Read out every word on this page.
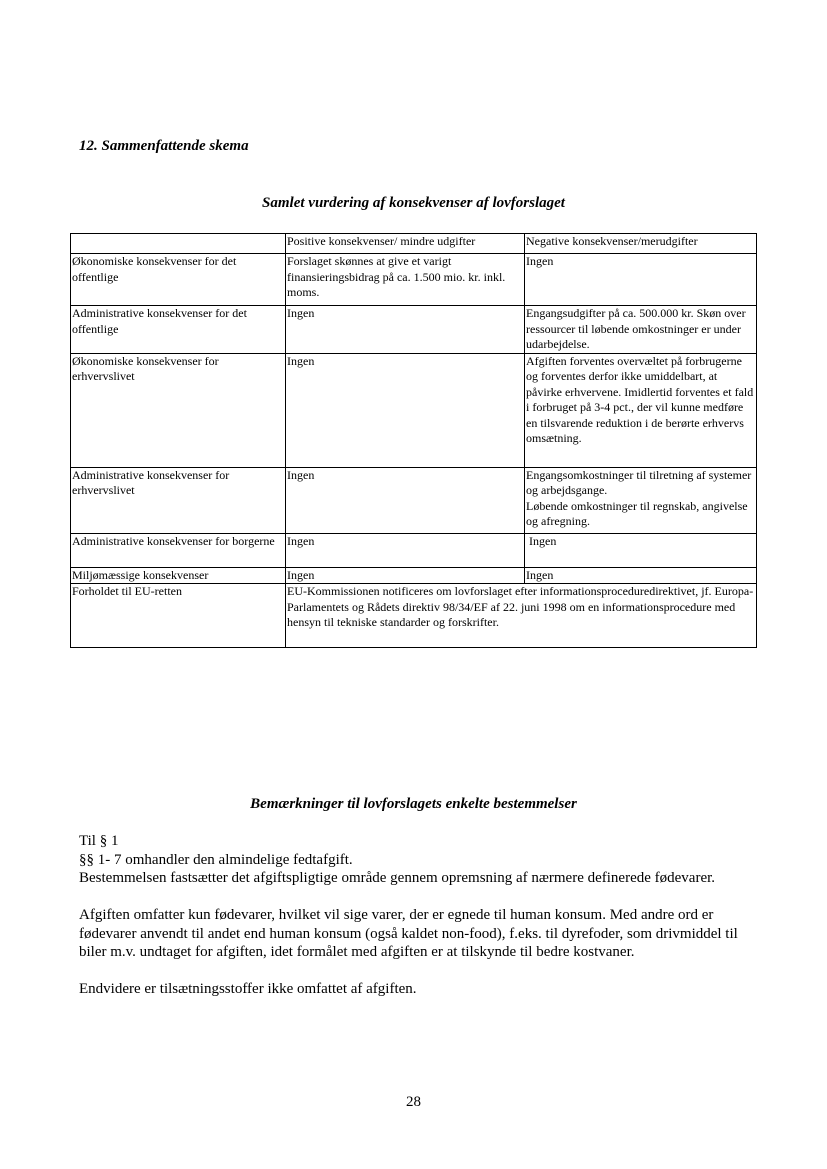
12. Sammenfattende skema
Samlet vurdering af konsekvenser af lovforslaget
	Positive konsekvenser/ mindre udgifter	Negative konsekvenser/merudgifter
Økonomiske konsekvenser for det offentlige	Forslaget skønnes at give et varigt finansieringsbidrag på ca. 1.500 mio. kr. inkl. moms.	Ingen
Administrative konsekvenser for det offentlige	Ingen	Engangsudgifter på ca. 500.000 kr. Skøn over ressourcer til løbende omkostninger er under udarbejdelse.
Økonomiske konsekvenser for erhvervslivet	Ingen	Afgiften forventes overvæltet på forbrugerne og forventes derfor ikke umiddelbart, at påvirke erhvervene. Imidlertid forventes et fald i forbruget på 3-4 pct., der vil kunne medføre en tilsvarende reduktion i de berørte erhvervs omsætning.
Administrative konsekvenser for erhvervslivet	Ingen	Engangsomkostninger til tilretning af systemer og arbejdsgange.
Løbende omkostninger til regnskab, angivelse og afregning.

Administrative konsekvenser for borgerne	Ingen	Ingen
Miljømæssige konsekvenser	Ingen	Ingen
Forholdet til EU-retten	EU-Kommissionen notificeres om lovforslaget efter informationsproceduredirektivet, jf. Europa-Parlamentets og Rådets direktiv 98/34/EF af 22. juni 1998 om en informationsprocedure med hensyn til tekniske standarder og forskrifter.	
Bemærkninger til lovforslagets enkelte bestemmelser

Til § 1

§§ 1- 7 omhandler den almindelige fedtafgift.

Bestemmelsen fastsætter det afgiftspligtige område gennem opremsning af nærmere definerede fødevarer.

Afgiften omfatter kun fødevarer, hvilket vil sige varer, der er egnede til human konsum. Med andre ord er fødevarer anvendt til andet end human konsum (også kaldet non-food), f.eks. til dyrefoder, som drivmiddel til biler m.v. undtaget for afgiften, idet formålet med afgiften er at tilskynde til bedre kostvaner.

Endvidere er tilsætningsstoffer ikke omfattet af afgiften.

28
